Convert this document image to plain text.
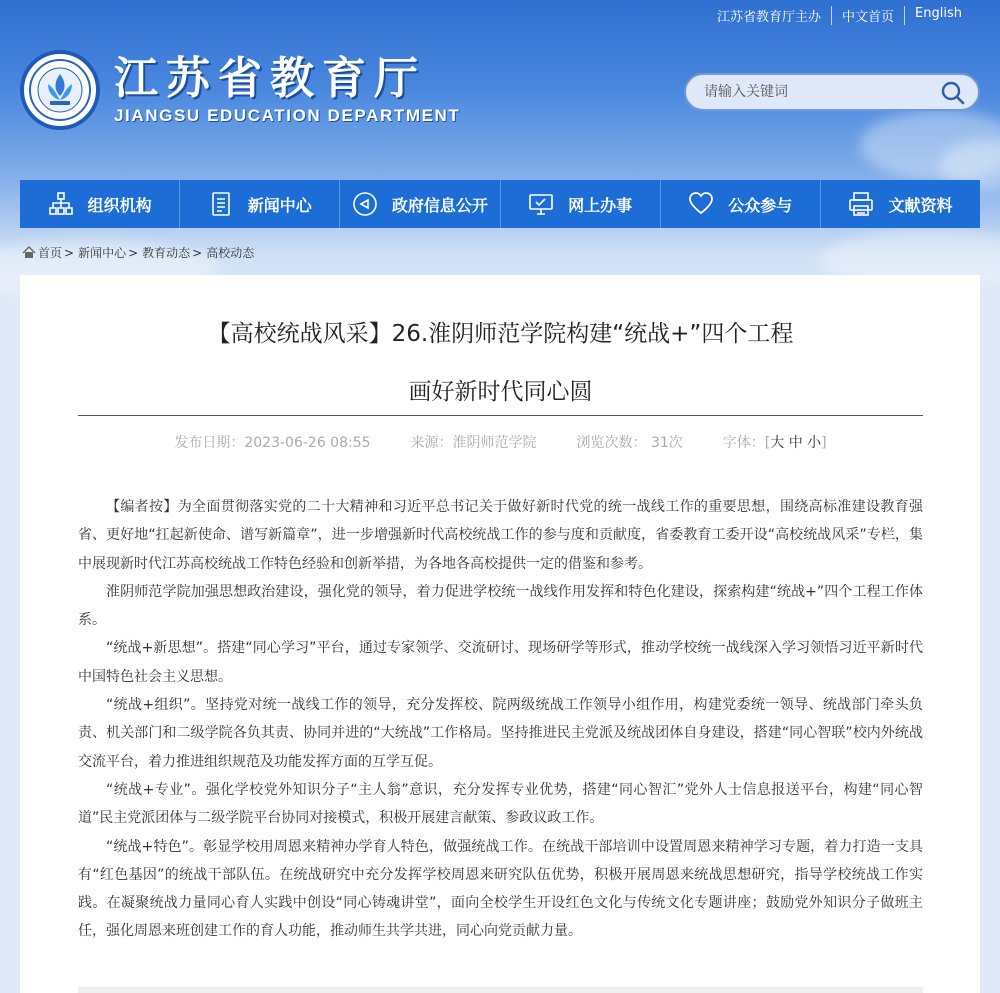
江苏省教育厅主办	中文首页	English
江苏省教育厅
JIANGSU EDUCATION DEPARTMENT
请输入关键词
组织机构	新闻中心	政府信息公开	网上办事	公众参与	文献资料
首页 > 新闻中心 > 教育动态 > 高校动态
【高校统战风采】26.淮阴师范学院构建“统战+”四个工程
画好新时代同心圆
发布日期：2023-06-26 08:55	来源：淮阴师范学院	浏览次数： 31次	字体：[大 中 小]

【编者按】为全面贯彻落实党的二十大精神和习近平总书记关于做好新时代党的统一战线工作的重要思想，围绕高标准建设教育强省、更好地“扛起新使命、谱写新篇章”，进一步增强新时代高校统战工作的参与度和贡献度，省委教育工委开设“高校统战风采”专栏，集中展现新时代江苏高校统战工作特色经验和创新举措，为各地各高校提供一定的借鉴和参考。

淮阴师范学院加强思想政治建设，强化党的领导，着力促进学校统一战线作用发挥和特色化建设，探索构建“统战+”四个工程工作体系。

“统战+新思想”。搭建“同心学习”平台，通过专家领学、交流研讨、现场研学等形式，推动学校统一战线深入学习领悟习近平新时代中国特色社会主义思想。

“统战+组织”。坚持党对统一战线工作的领导，充分发挥校、院两级统战工作领导小组作用，构建党委统一领导、统战部门牵头负责、机关部门和二级学院各负其责、协同并进的“大统战”工作格局。坚持推进民主党派及统战团体自身建设，搭建“同心智联”校内外统战交流平台，着力推进组织规范及功能发挥方面的互学互促。

“统战+专业”。强化学校党外知识分子“主人翁”意识，充分发挥专业优势，搭建“同心智汇”党外人士信息报送平台，构建“同心智道”民主党派团体与二级学院平台协同对接模式，积极开展建言献策、参政议政工作。

“统战+特色”。彰显学校用周恩来精神办学育人特色，做强统战工作。在统战干部培训中设置周恩来精神学习专题，着力打造一支具有“红色基因”的统战干部队伍。在统战研究中充分发挥学校周恩来研究队伍优势，积极开展周恩来统战思想研究，指导学校统战工作实践。在凝聚统战力量同心育人实践中创设“同心铸魂讲堂”，面向全校学生开设红色文化与传统文化专题讲座；鼓励党外知识分子做班主任，强化周恩来班创建工作的育人功能，推动师生共学共进，同心向党贡献力量。
